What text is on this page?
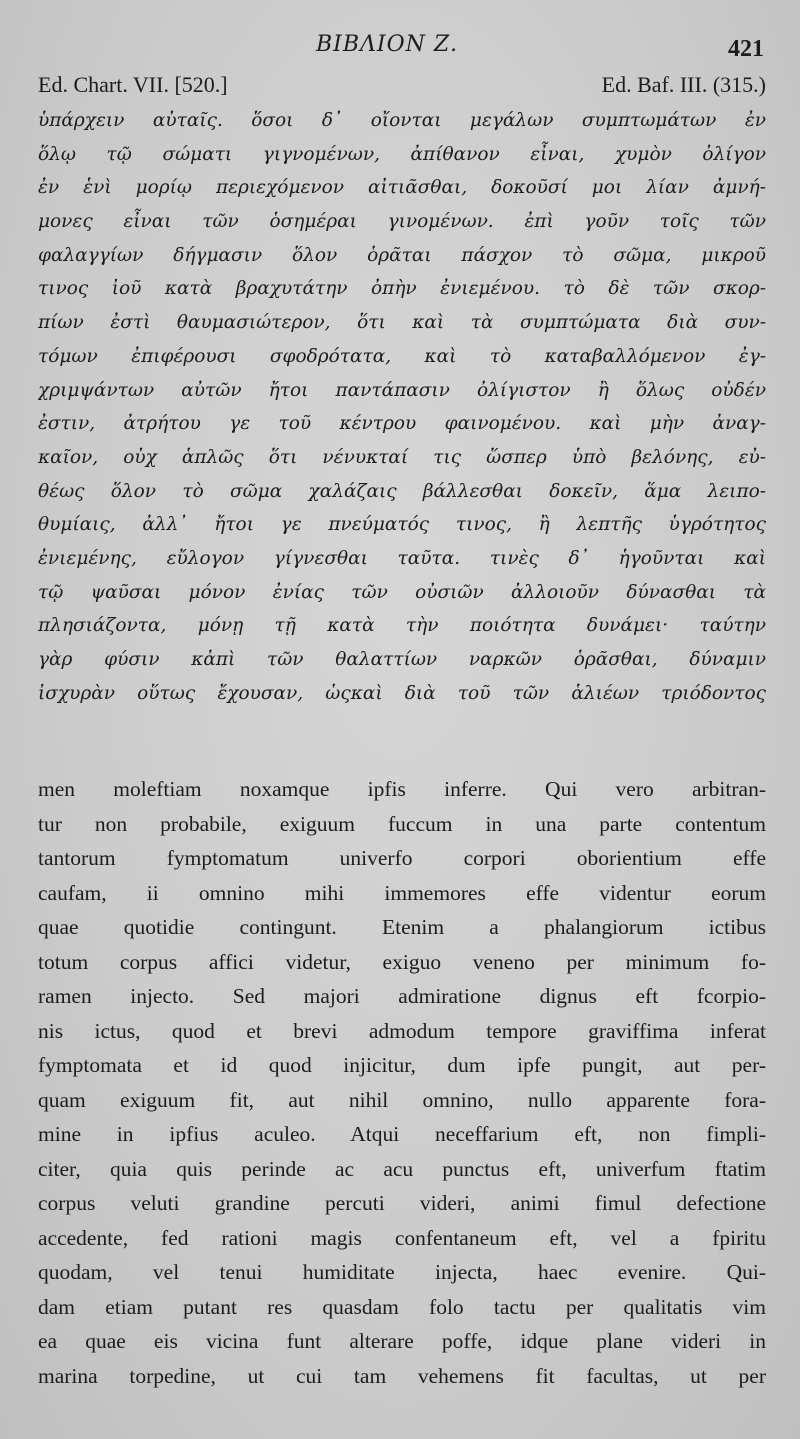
BIBΛΙΟΝ Ζ.	421
Ed. Chart. VII. [520.]	Ed. Baf. III. (315.)
ὑπάρχειν αὐταῖς. ὅσοι δ᾽ οἴονται μεγάλων συμπτωμάτων ἐν
ὅλῳ τῷ σώματι γιγνομένων, ἀπίθανον εἶναι, χυμὸν ὀλίγον
ἐν ἑνὶ μορίῳ περιεχόμενον αἰτιᾶσθαι, δοκοῦσί μοι λίαν ἀμνή-
μονες εἶναι τῶν ὁσημέραι γινομένων. ἐπὶ γοῦν τοῖς τῶν
φαλαγγίων δήγμασιν ὅλον ὁρᾶται πάσχον τὸ σῶμα, μικροῦ
τινος ἰοῦ κατὰ βραχυτάτην ὀπὴν ἐνιεμένου. τὸ δὲ τῶν σκορ-
πίων ἐστὶ θαυμασιώτερον, ὅτι καὶ τὰ συμπτώματα διὰ συν-
τόμων ἐπιφέρουσι σφοδρότατα, καὶ τὸ καταβαλλόμενον ἐγ-
χριμψάντων αὐτῶν ἤτοι παντάπασιν ὀλίγιστον ἢ ὅλως οὐδέν
ἐστιν, ἀτρήτου γε τοῦ κέντρου φαινομένου. καὶ μὴν ἀναγ-
καῖον, οὐχ ἁπλῶς ὅτι νένυκταί τις ὥσπερ ὑπὸ βελόνης, εὐ-
θέως ὅλον τὸ σῶμα χαλάζαις βάλλεσθαι δοκεῖν, ἅμα λειπο-
θυμίαις, ἀλλ᾽ ἤτοι γε πνεύματός τινος, ἢ λεπτῆς ὑγρότητος
ἐνιεμένης, εὔλογον γίγνεσθαι ταῦτα. τινὲς δ᾽ ἡγοῦνται καὶ
τῷ ψαῦσαι μόνον ἐνίας τῶν οὐσιῶν ἀλλοιοῦν δύνασθαι τὰ
πλησιάζοντα, μόνῃ τῇ κατὰ τὴν ποιότητα δυνάμει· ταύτην
γὰρ φύσιν κἀπὶ τῶν θαλαττίων ναρκῶν ὁρᾶσθαι, δύναμιν
ἰσχυρὰν οὕτως ἔχουσαν, ὡςκαὶ διὰ τοῦ τῶν ἁλιέων τριόδοντος
men moleftiam noxamque ipfis inferre. Qui vero arbitran-
tur non probabile, exiguum fuccum in una parte contentum
tantorum fymptomatum univerfo corpori oborientium effe
caufam, ii omnino mihi immemores effe videntur eorum
quae quotidie contingunt. Etenim a phalangiorum ictibus
totum corpus affici videtur, exiguo veneno per minimum fo-
ramen injecto. Sed majori admiratione dignus eft fcorpio-
nis ictus, quod et brevi admodum tempore graviffima inferat
fymptomata et id quod injicitur, dum ipfe pungit, aut per-
quam exiguum fit, aut nihil omnino, nullo apparente fora-
mine in ipfius aculeo. Atqui neceffarium eft, non fimpli-
citer, quia quis perinde ac acu punctus eft, univerfum ftatim
corpus veluti grandine percuti videri, animi fimul defectione
accedente, fed rationi magis confentaneum eft, vel a fpiritu
quodam, vel tenui humiditate injecta, haec evenire. Qui-
dam etiam putant res quasdam folo tactu per qualitatis vim
ea quae eis vicina funt alterare poffe, idque plane videri in
marina torpedine, ut cui tam vehemens fit facultas, ut per
